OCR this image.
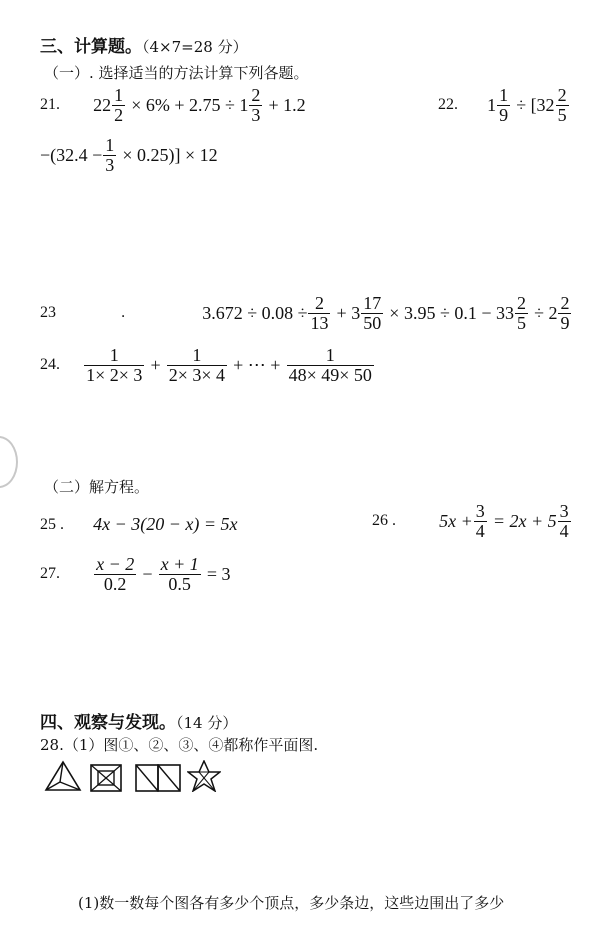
三、计算题。（4×7=28 分）
（一）. 选择适当的方法计算下列各题。
21. $22 \frac{1}{2} \times 6\% + 2.75 \div 1 \frac{2}{3} + 1.2$	22. $1 \frac{1}{9} \div [32 \frac{2}{5}$
$-(32.4 - \frac{1}{3} \times 0.25)] \times 12$
23	.	$3.672 \div 0.08 \div \frac{2}{13} + 3 \frac{17}{50} \times 3.95 \div 0.1 - 33 \frac{2}{5} \div 2 \frac{2}{9}$
24. $\frac{1}{1\times 2\times 3} + \frac{1}{2\times 3\times 4}$ + ⋯ + $\frac{1}{48\times 49\times 50}$
（二）解方程。
25 . 4x − 3(20 − x) = 5x	26 . $5x + \frac{3}{4} = 2x + 5 \frac{3}{4}$
27. $\frac{x - 2}{0.2} - \frac{x + 1}{0.5} = 3$
四、观察与发现。（14 分）
28.（1）图①、②、③、④都称作平面图.
(1)数一数每个图各有多少个顶点，多少条边，这些边围出了多少
